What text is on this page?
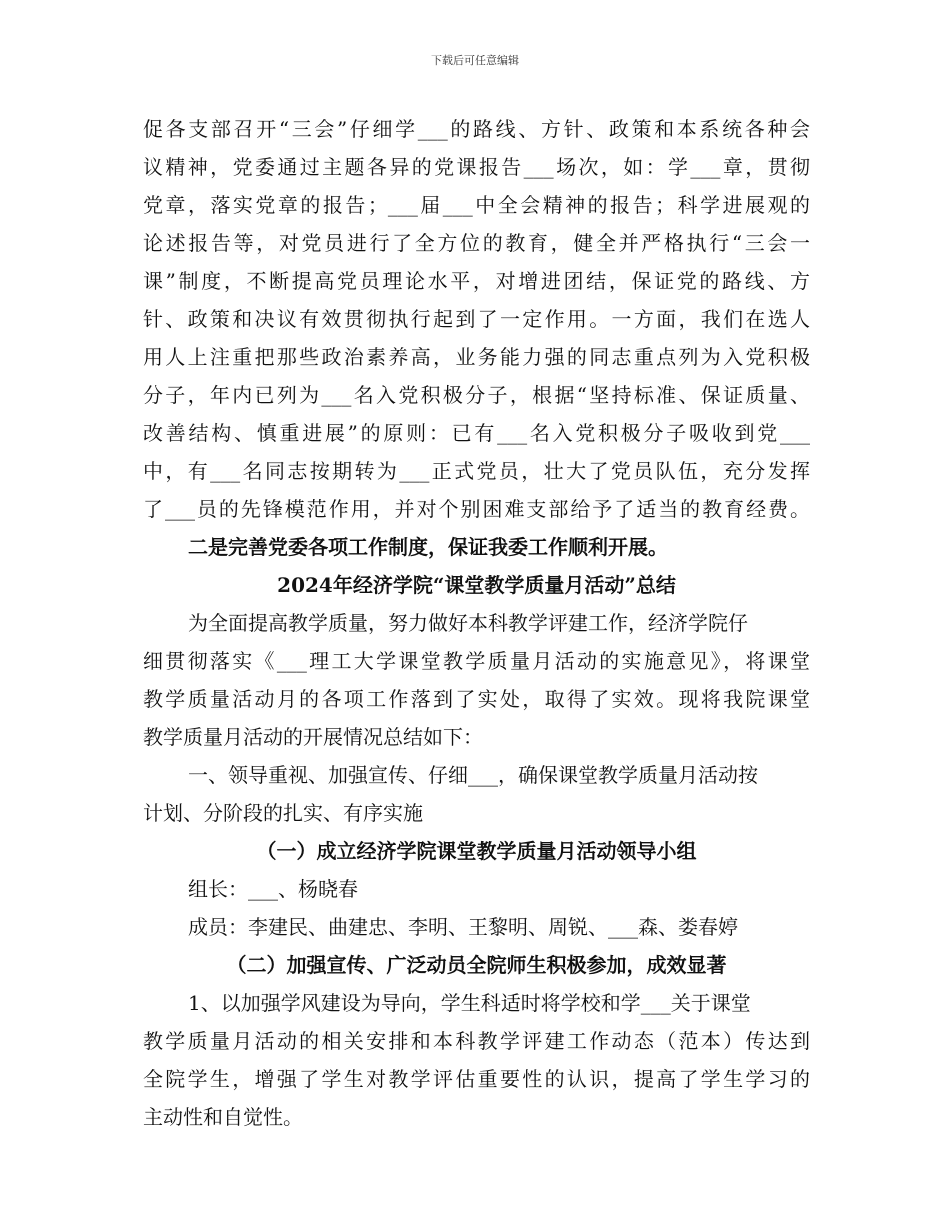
下载后可任意编辑
促各支部召开“三会”仔细学___的路线、方针、政策和本系统各种会
议精神，党委通过主题各异的党课报告___场次，如：学___章，贯彻
党章，落实党章的报告；___届___中全会精神的报告；科学进展观的
论述报告等，对党员进行了全方位的教育，健全并严格执行“三会一
课”制度，不断提高党员理论水平，对增进团结，保证党的路线、方
针、政策和决议有效贯彻执行起到了一定作用。一方面，我们在选人
用人上注重把那些政治素养高，业务能力强的同志重点列为入党积极
分子，年内已列为___名入党积极分子，根据“坚持标准、保证质量、
改善结构、慎重进展”的原则：已有___名入党积极分子吸收到党___
中，有___名同志按期转为___正式党员，壮大了党员队伍，充分发挥
了___员的先锋模范作用，并对个别困难支部给予了适当的教育经费。
二是完善党委各项工作制度，保证我委工作顺利开展。
2024年经济学院“课堂教学质量月活动”总结
为全面提高教学质量，努力做好本科教学评建工作，经济学院仔
细贯彻落实《___理工大学课堂教学质量月活动的实施意见》，将课堂
教学质量活动月的各项工作落到了实处，取得了实效。现将我院课堂
教学质量月活动的开展情况总结如下：
一、领导重视、加强宣传、仔细___，确保课堂教学质量月活动按
计划、分阶段的扎实、有序实施
（一）成立经济学院课堂教学质量月活动领导小组
组长：___、杨晓春
成员：李建民、曲建忠、李明、王黎明、周锐、___森、娄春婷
（二）加强宣传、广泛动员全院师生积极参加，成效显著
1、以加强学风建设为导向，学生科适时将学校和学___关于课堂
教学质量月活动的相关安排和本科教学评建工作动态（范本）传达到
全院学生，增强了学生对教学评估重要性的认识，提高了学生学习的
主动性和自觉性。
